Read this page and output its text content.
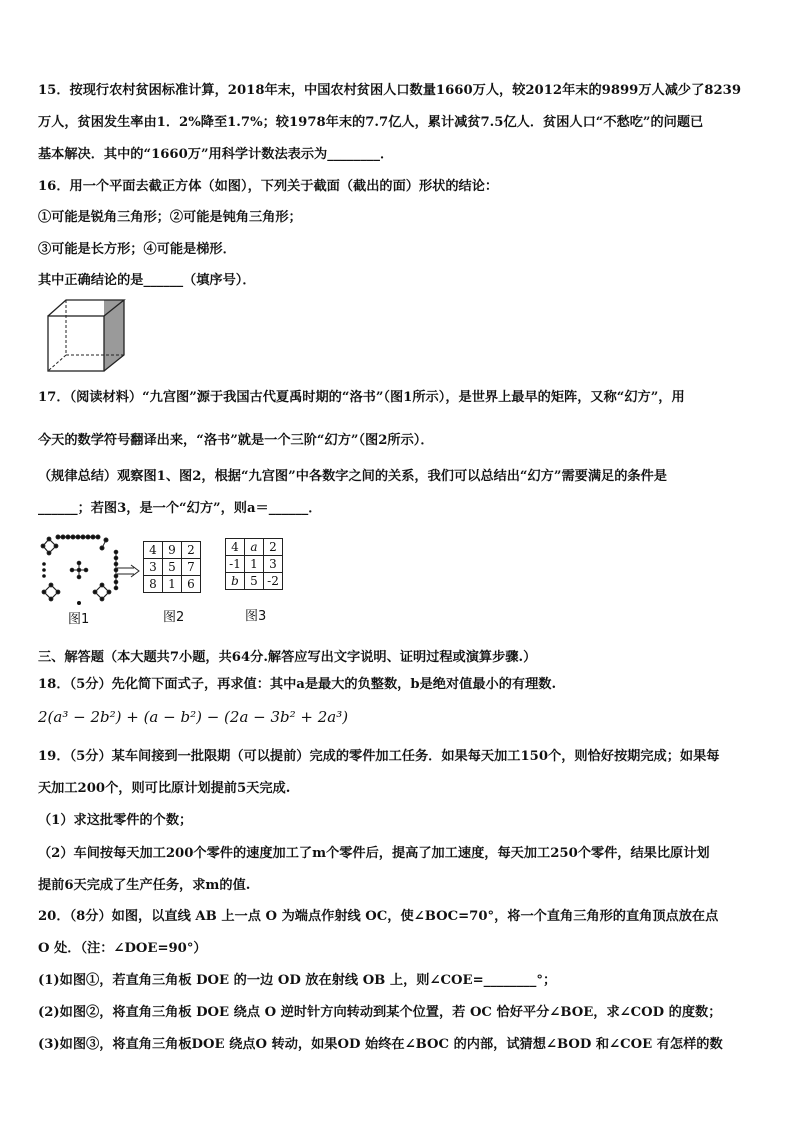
15．按现行农村贫困标准计算，2018年末，中国农村贫困人口数量1660万人，较2012年末的9899万人减少了8239
万人，贫困发生率由1．2%降至1.7%；较1978年末的7.7亿人，累计减贫7.5亿人．贫困人口“不愁吃”的问题已
基本解决．其中的“1660万”用科学计数法表示为________．
16．用一个平面去截正方体（如图），下列关于截面（截出的面）形状的结论：
①可能是锐角三角形；②可能是钝角三角形；
③可能是长方形；④可能是梯形．
其中正确结论的是______（填序号）．
17．（阅读材料）“九宫图”源于我国古代夏禹时期的“洛书”（图1所示），是世界上最早的矩阵，又称“幻方”，用
今天的数学符号翻译出来，“洛书”就是一个三阶“幻方”（图2所示）．
（规律总结）观察图1、图2，根据“九宫图”中各数字之间的关系，我们可以总结出“幻方”需要满足的条件是
______；若图3，是一个“幻方”，则a＝______．
4	9	2
3	5	7
8	1	6
4	a	2
-1	1	3
b	5	-2
图1	图2	图3
三、解答题（本大题共7小题，共64分.解答应写出文字说明、证明过程或演算步骤.）
18．（5分）先化简下面式子，再求值：其中a是最大的负整数，b是绝对值最小的有理数.
2(a³ − 2b²) + (a − b²) − (2a − 3b² + 2a³)
19．（5分）某车间接到一批限期（可以提前）完成的零件加工任务．如果每天加工150个，则恰好按期完成；如果每
天加工200个，则可比原计划提前5天完成.
（1）求这批零件的个数；
（2）车间按每天加工200个零件的速度加工了m个零件后，提高了加工速度，每天加工250个零件，结果比原计划
提前6天完成了生产任务，求m的值.
20．（8分）如图，以直线 AB 上一点 O 为端点作射线 OC，使∠BOC=70°，将一个直角三角形的直角顶点放在点
O 处．（注：∠DOE=90°）
(1)如图①，若直角三角板 DOE 的一边 OD 放在射线 OB 上，则∠COE=________°；
(2)如图②，将直角三角板 DOE 绕点 O 逆时针方向转动到某个位置，若 OC 恰好平分∠BOE，求∠COD 的度数；
(3)如图③，将直角三角板DOE 绕点O 转动，如果OD 始终在∠BOC 的内部，试猜想∠BOD 和∠COE 有怎样的数
